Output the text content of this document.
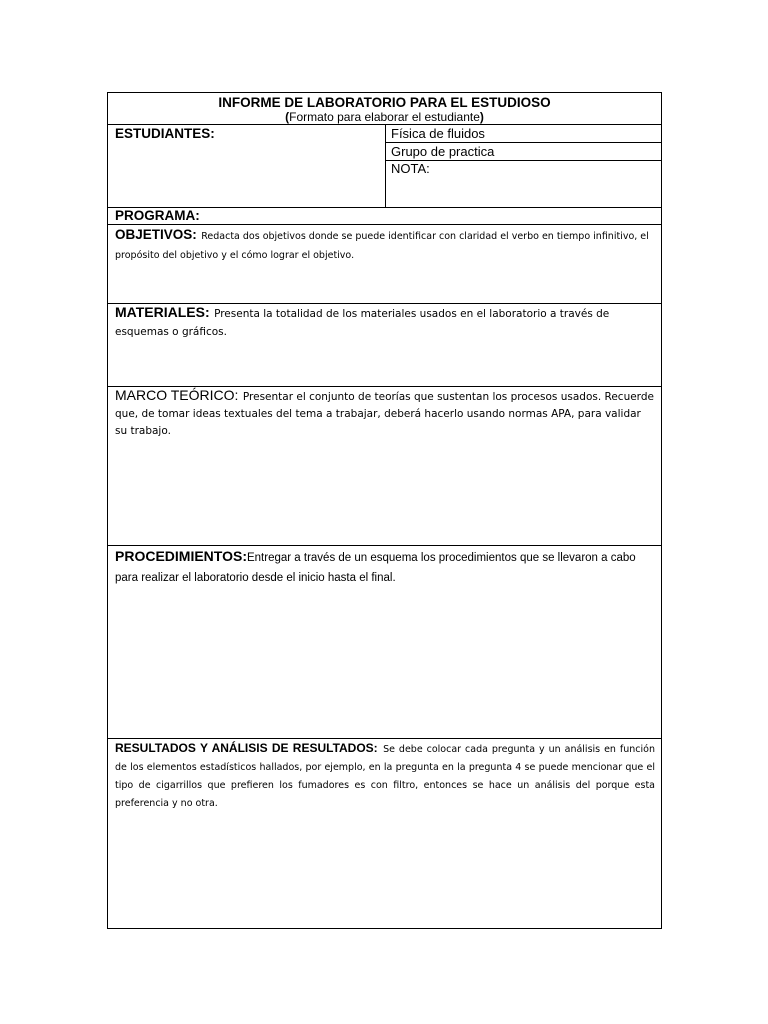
INFORME DE LABORATORIO PARA EL ESTUDIOSO
(Formato para elaborar el estudiante)
ESTUDIANTES:	Física de fluidos
Grupo de practica
NOTA:
PROGRAMA:
OBJETIVOS: Redacta dos objetivos donde se puede identificar con claridad el verbo en tiempo infinitivo, el propósito del objetivo y el cómo lograr el objetivo.
MATERIALES: Presenta la totalidad de los materiales usados en el laboratorio a través de esquemas o gráficos.
MARCO TEÓRICO: Presentar el conjunto de teorías que sustentan los procesos usados. Recuerde que, de tomar ideas textuales del tema a trabajar, deberá hacerlo usando normas APA, para validar su trabajo.
PROCEDIMIENTOS:Entregar a través de un esquema los procedimientos que se llevaron a cabo para realizar el laboratorio desde el inicio hasta el final.
RESULTADOS Y ANÁLISIS DE RESULTADOS: Se debe colocar cada pregunta y un análisis en función de los elementos estadísticos hallados, por ejemplo, en la pregunta en la pregunta 4 se puede mencionar que el tipo de cigarrillos que prefieren los fumadores es con filtro, entonces se hace un análisis del porque esta preferencia y no otra.
